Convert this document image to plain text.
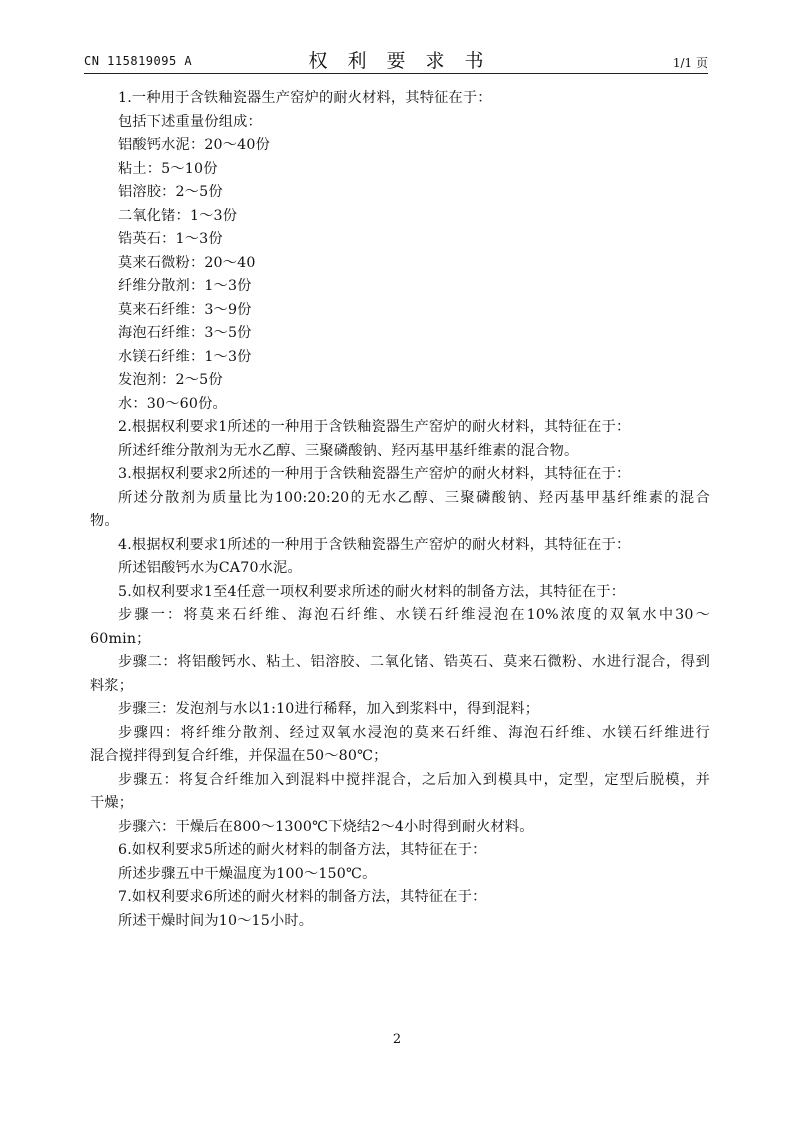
CN 115819095 A	权利要求书	1/1 页
1.一种用于含铁釉瓷器生产窑炉的耐火材料，其特征在于：
包括下述重量份组成：
铝酸钙水泥：20～40份
粘土：5～10份
铝溶胶：2～5份
二氧化锗：1～3份
锆英石：1～3份
莫来石微粉：20～40
纤维分散剂：1～3份
莫来石纤维：3～9份
海泡石纤维：3～5份
水镁石纤维：1～3份
发泡剂：2～5份
水：30～60份。
2.根据权利要求1所述的一种用于含铁釉瓷器生产窑炉的耐火材料，其特征在于：
所述纤维分散剂为无水乙醇、三聚磷酸钠、羟丙基甲基纤维素的混合物。
3.根据权利要求2所述的一种用于含铁釉瓷器生产窑炉的耐火材料，其特征在于：
所述分散剂为质量比为100:20:20的无水乙醇、三聚磷酸钠、羟丙基甲基纤维素的混合
物。
4.根据权利要求1所述的一种用于含铁釉瓷器生产窑炉的耐火材料，其特征在于：
所述铝酸钙水为CA70水泥。
5.如权利要求1至4任意一项权利要求所述的耐火材料的制备方法，其特征在于：
步骤一：将莫来石纤维、海泡石纤维、水镁石纤维浸泡在10%浓度的双氧水中30～
60min；
步骤二：将铝酸钙水、粘土、铝溶胶、二氧化锗、锆英石、莫来石微粉、水进行混合，得到
料浆；
步骤三：发泡剂与水以1:10进行稀释，加入到浆料中，得到混料；
步骤四：将纤维分散剂、经过双氧水浸泡的莫来石纤维、海泡石纤维、水镁石纤维进行
混合搅拌得到复合纤维，并保温在50～80℃；
步骤五：将复合纤维加入到混料中搅拌混合，之后加入到模具中，定型，定型后脱模，并
干燥；
步骤六：干燥后在800～1300℃下烧结2～4小时得到耐火材料。
6.如权利要求5所述的耐火材料的制备方法，其特征在于：
所述步骤五中干燥温度为100～150℃。
7.如权利要求6所述的耐火材料的制备方法，其特征在于：
所述干燥时间为10～15小时。
2
